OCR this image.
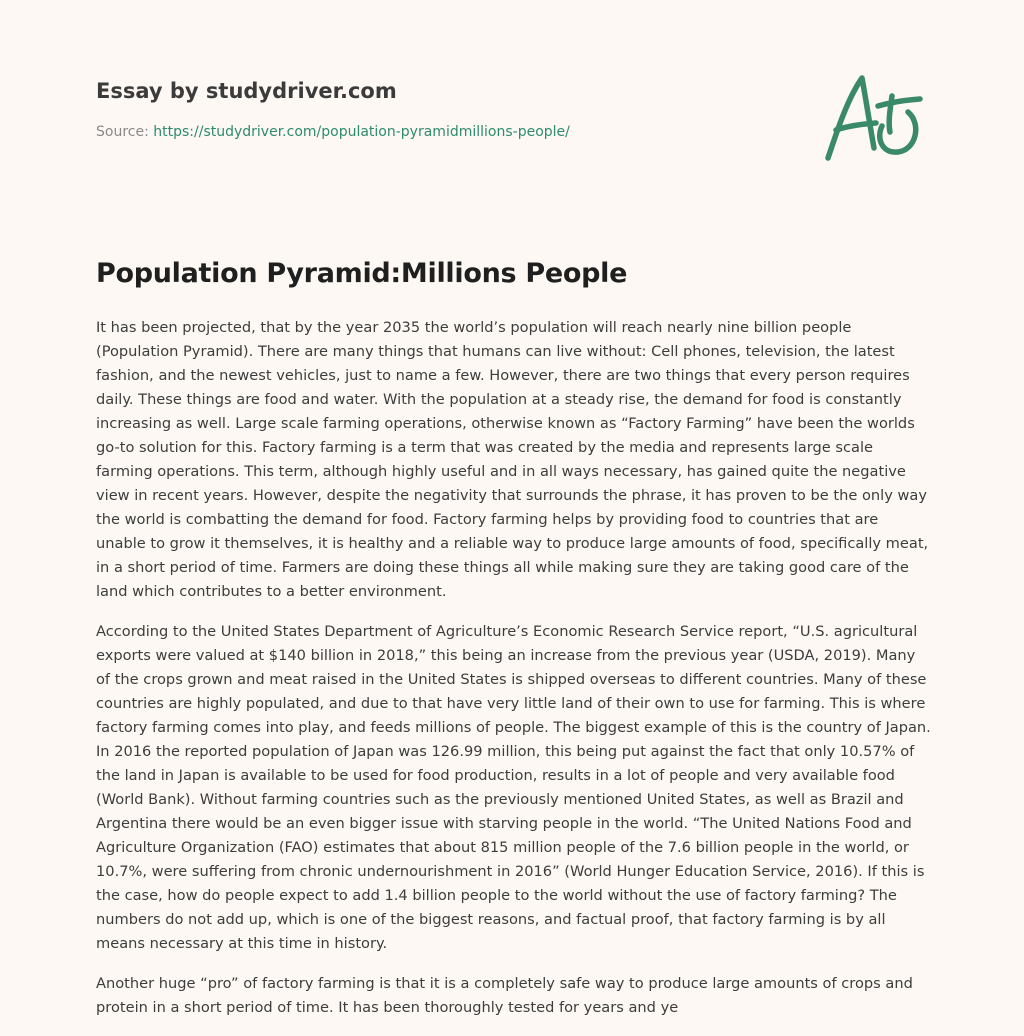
Essay by studydriver.com
Source: https://studydriver.com/population-pyramidmillions-people/
Population Pyramid:Millions People

It has been projected, that by the year 2035 the world’s population will reach nearly nine billion people (Population Pyramid). There are many things that humans can live without: Cell phones, television, the latest fashion, and the newest vehicles, just to name a few. However, there are two things that every person requires daily. These things are food and water. With the population at a steady rise, the demand for food is constantly increasing as well. Large scale farming operations, otherwise known as “Factory Farming” have been the worlds go-to solution for this. Factory farming is a term that was created by the media and represents large scale farming operations. This term, although highly useful and in all ways necessary, has gained quite the negative view in recent years. However, despite the negativity that surrounds the phrase, it has proven to be the only way the world is combatting the demand for food. Factory farming helps by providing food to countries that are unable to grow it themselves, it is healthy and a reliable way to produce large amounts of food, specifically meat, in a short period of time. Farmers are doing these things all while making sure they are taking good care of the land which contributes to a better environment.

According to the United States Department of Agriculture’s Economic Research Service report, “U.S. agricultural exports were valued at $140 billion in 2018,” this being an increase from the previous year (USDA, 2019). Many of the crops grown and meat raised in the United States is shipped overseas to different countries. Many of these countries are highly populated, and due to that have very little land of their own to use for farming. This is where factory farming comes into play, and feeds millions of people. The biggest example of this is the country of Japan. In 2016 the reported population of Japan was 126.99 million, this being put against the fact that only 10.57% of the land in Japan is available to be used for food production, results in a lot of people and very available food (World Bank). Without farming countries such as the previously mentioned United States, as well as Brazil and Argentina there would be an even bigger issue with starving people in the world. “The United Nations Food and Agriculture Organization (FAO) estimates that about 815 million people of the 7.6 billion people in the world, or 10.7%, were suffering from chronic undernourishment in 2016” (World Hunger Education Service, 2016). If this is the case, how do people expect to add 1.4 billion people to the world without the use of factory farming? The numbers do not add up, which is one of the biggest reasons, and factual proof, that factory farming is by all means necessary at this time in history.

Another huge “pro” of factory farming is that it is a completely safe way to produce large amounts of crops and protein in a short period of time. It has been thoroughly tested for years and ye
